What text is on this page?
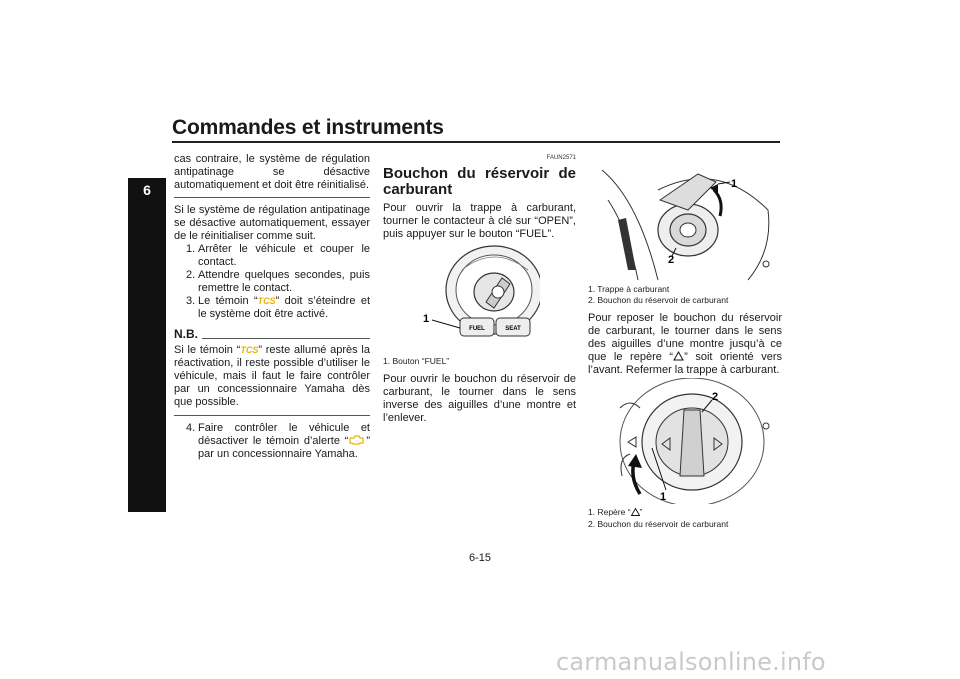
Commandes et instruments
6

cas contraire, le système de régulation antipatinage se désactive automatiquement et doit être réinitialisé.

Si le système de régulation antipatinage se désactive automatiquement, essayer de le réinitialiser comme suit.

1. Arrêter le véhicule et couper le contact.
2. Attendre quelques secondes, puis remettre le contact.
3. Le témoin “TCS” doit s’éteindre et le système doit être activé.
N.B.

Si le témoin “TCS” reste allumé après la réactivation, il reste possible d’utiliser le véhicule, mais il faut le faire contrôler par un concessionnaire Yamaha dès que possible.

4. Faire contrôler le véhicule et désactiver le témoin d’alerte “ ” par un concessionnaire Yamaha.
FAUN2571
Bouchon du réservoir de carburant

Pour ouvrir la trappe à carburant, tourner le contacteur à clé sur “OPEN”, puis appuyer sur le bouton “FUEL”.

FUEL	SEAT
1
1. Bouton “FUEL”
Pour ouvrir le bouchon du réservoir de carburant, le tourner dans le sens inverse des aiguilles d’une montre et l’enlever.
1
2
1. Trappe à carburant
2. Bouchon du réservoir de carburant
Pour reposer le bouchon du réservoir de carburant, le tourner dans le sens des aiguilles d’une montre jusqu’à ce que le repère “ ” soit orienté vers l’avant. Refermer la trappe à carburant.
2
1
1. Repère “ ”
2. Bouchon du réservoir de carburant
6-15
carmanualsonline.info
